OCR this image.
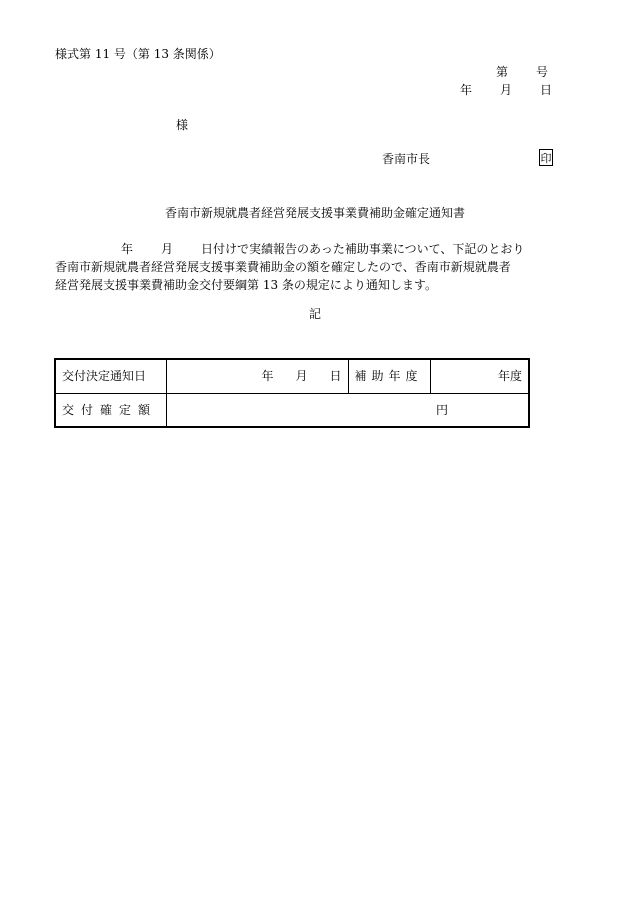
様式第 11 号（第 13 条関係）
第 号
年 月 日
様
香南市長	印
香南市新規就農者経営発展支援事業費補助金確定通知書
年 月 日付けで実績報告のあった補助事業について、下記のとおり
香南市新規就農者経営発展支援事業費補助金の額を確定したので、香南市新規就農者
経営発展支援事業費補助金交付要綱第 13 条の規定により通知します。
記
交付決定通知日	年 月 日	補助年度	年度
交付確定額	円		
